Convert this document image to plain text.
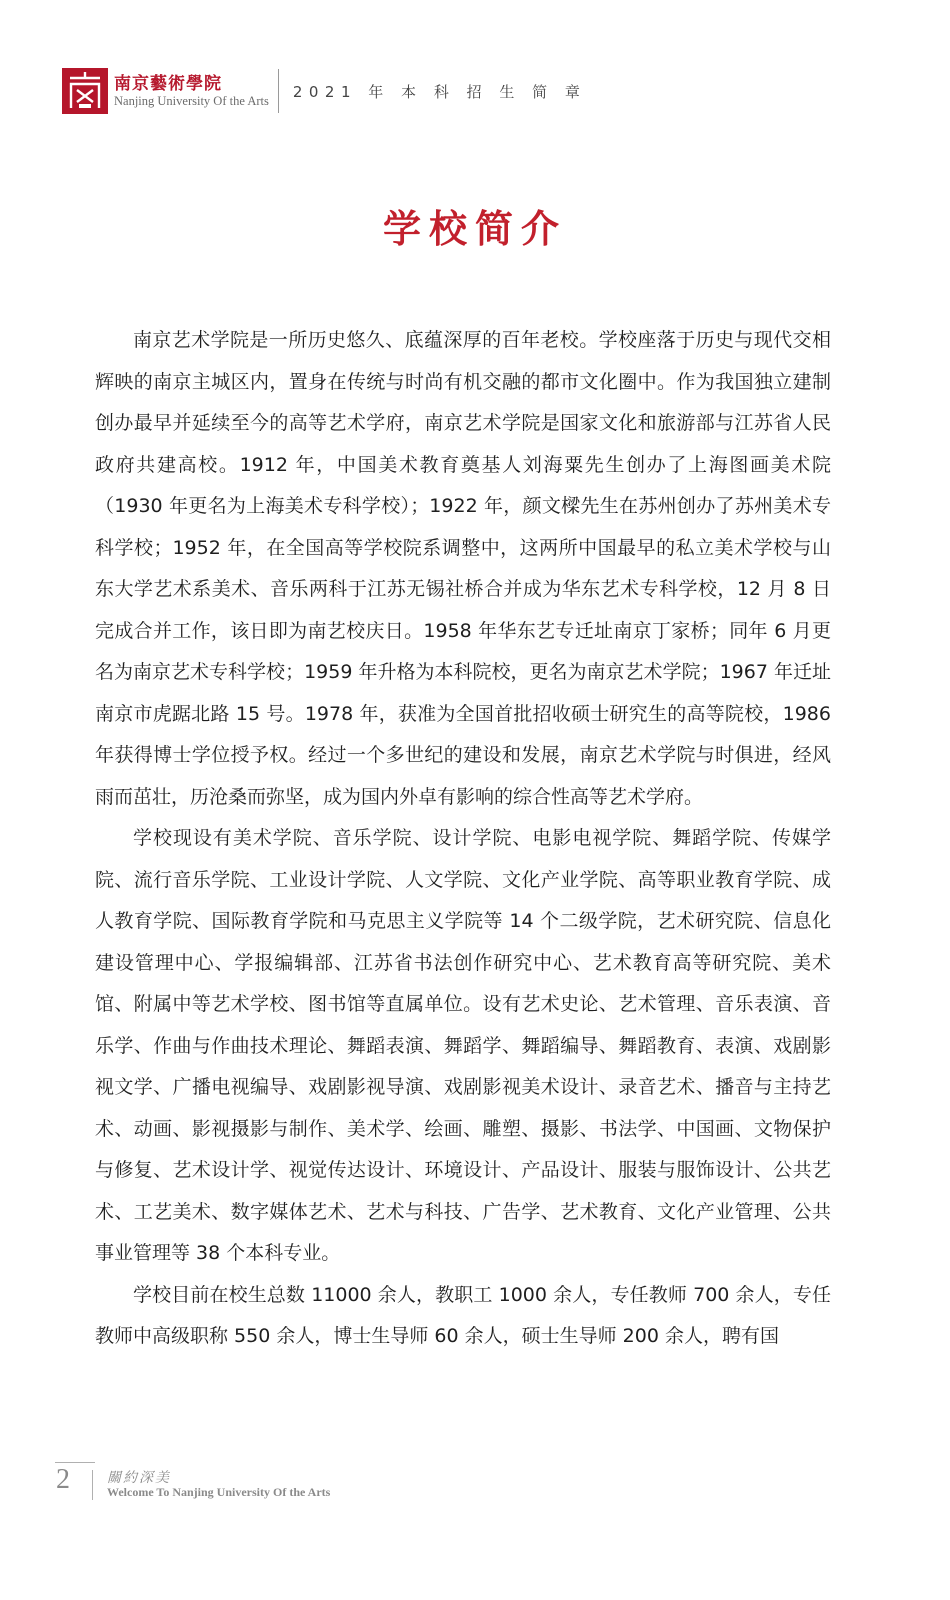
南京藝術學院
Nanjing University Of the Arts 2021 年 本 科 招 生 简 章
学校简介

南京艺术学院是一所历史悠久、底蕴深厚的百年老校。学校座落于历史与现代交相辉映的南京主城区内，置身在传统与时尚有机交融的都市文化圈中。作为我国独立建制创办最早并延续至今的高等艺术学府，南京艺术学院是国家文化和旅游部与江苏省人民政府共建高校。1912 年，中国美术教育奠基人刘海粟先生创办了上海图画美术院（1930 年更名为上海美术专科学校）；1922 年，颜文樑先生在苏州创办了苏州美术专科学校；1952 年，在全国高等学校院系调整中，这两所中国最早的私立美术学校与山东大学艺术系美术、音乐两科于江苏无锡社桥合并成为华东艺术专科学校，12 月 8 日完成合并工作，该日即为南艺校庆日。1958 年华东艺专迁址南京丁家桥；同年 6 月更名为南京艺术专科学校；1959 年升格为本科院校，更名为南京艺术学院；1967 年迁址南京市虎踞北路 15 号。1978 年，获准为全国首批招收硕士研究生的高等院校，1986 年获得博士学位授予权。经过一个多世纪的建设和发展，南京艺术学院与时俱进，经风雨而茁壮，历沧桑而弥坚，成为国内外卓有影响的综合性高等艺术学府。

学校现设有美术学院、音乐学院、设计学院、电影电视学院、舞蹈学院、传媒学院、流行音乐学院、工业设计学院、人文学院、文化产业学院、高等职业教育学院、成人教育学院、国际教育学院和马克思主义学院等 14 个二级学院，艺术研究院、信息化建设管理中心、学报编辑部、江苏省书法创作研究中心、艺术教育高等研究院、美术馆、附属中等艺术学校、图书馆等直属单位。设有艺术史论、艺术管理、音乐表演、音乐学、作曲与作曲技术理论、舞蹈表演、舞蹈学、舞蹈编导、舞蹈教育、表演、戏剧影视文学、广播电视编导、戏剧影视导演、戏剧影视美术设计、录音艺术、播音与主持艺术、动画、影视摄影与制作、美术学、绘画、雕塑、摄影、书法学、中国画、文物保护与修复、艺术设计学、视觉传达设计、环境设计、产品设计、服装与服饰设计、公共艺术、工艺美术、数字媒体艺术、艺术与科技、广告学、艺术教育、文化产业管理、公共事业管理等 38 个本科专业。

学校目前在校生总数 11000 余人，教职工 1000 余人，专任教师 700 余人，专任教师中高级职称 550 余人，博士生导师 60 余人，硕士生导师 200 余人，聘有国

2	關約深美
Welcome To Nanjing University Of the Arts
